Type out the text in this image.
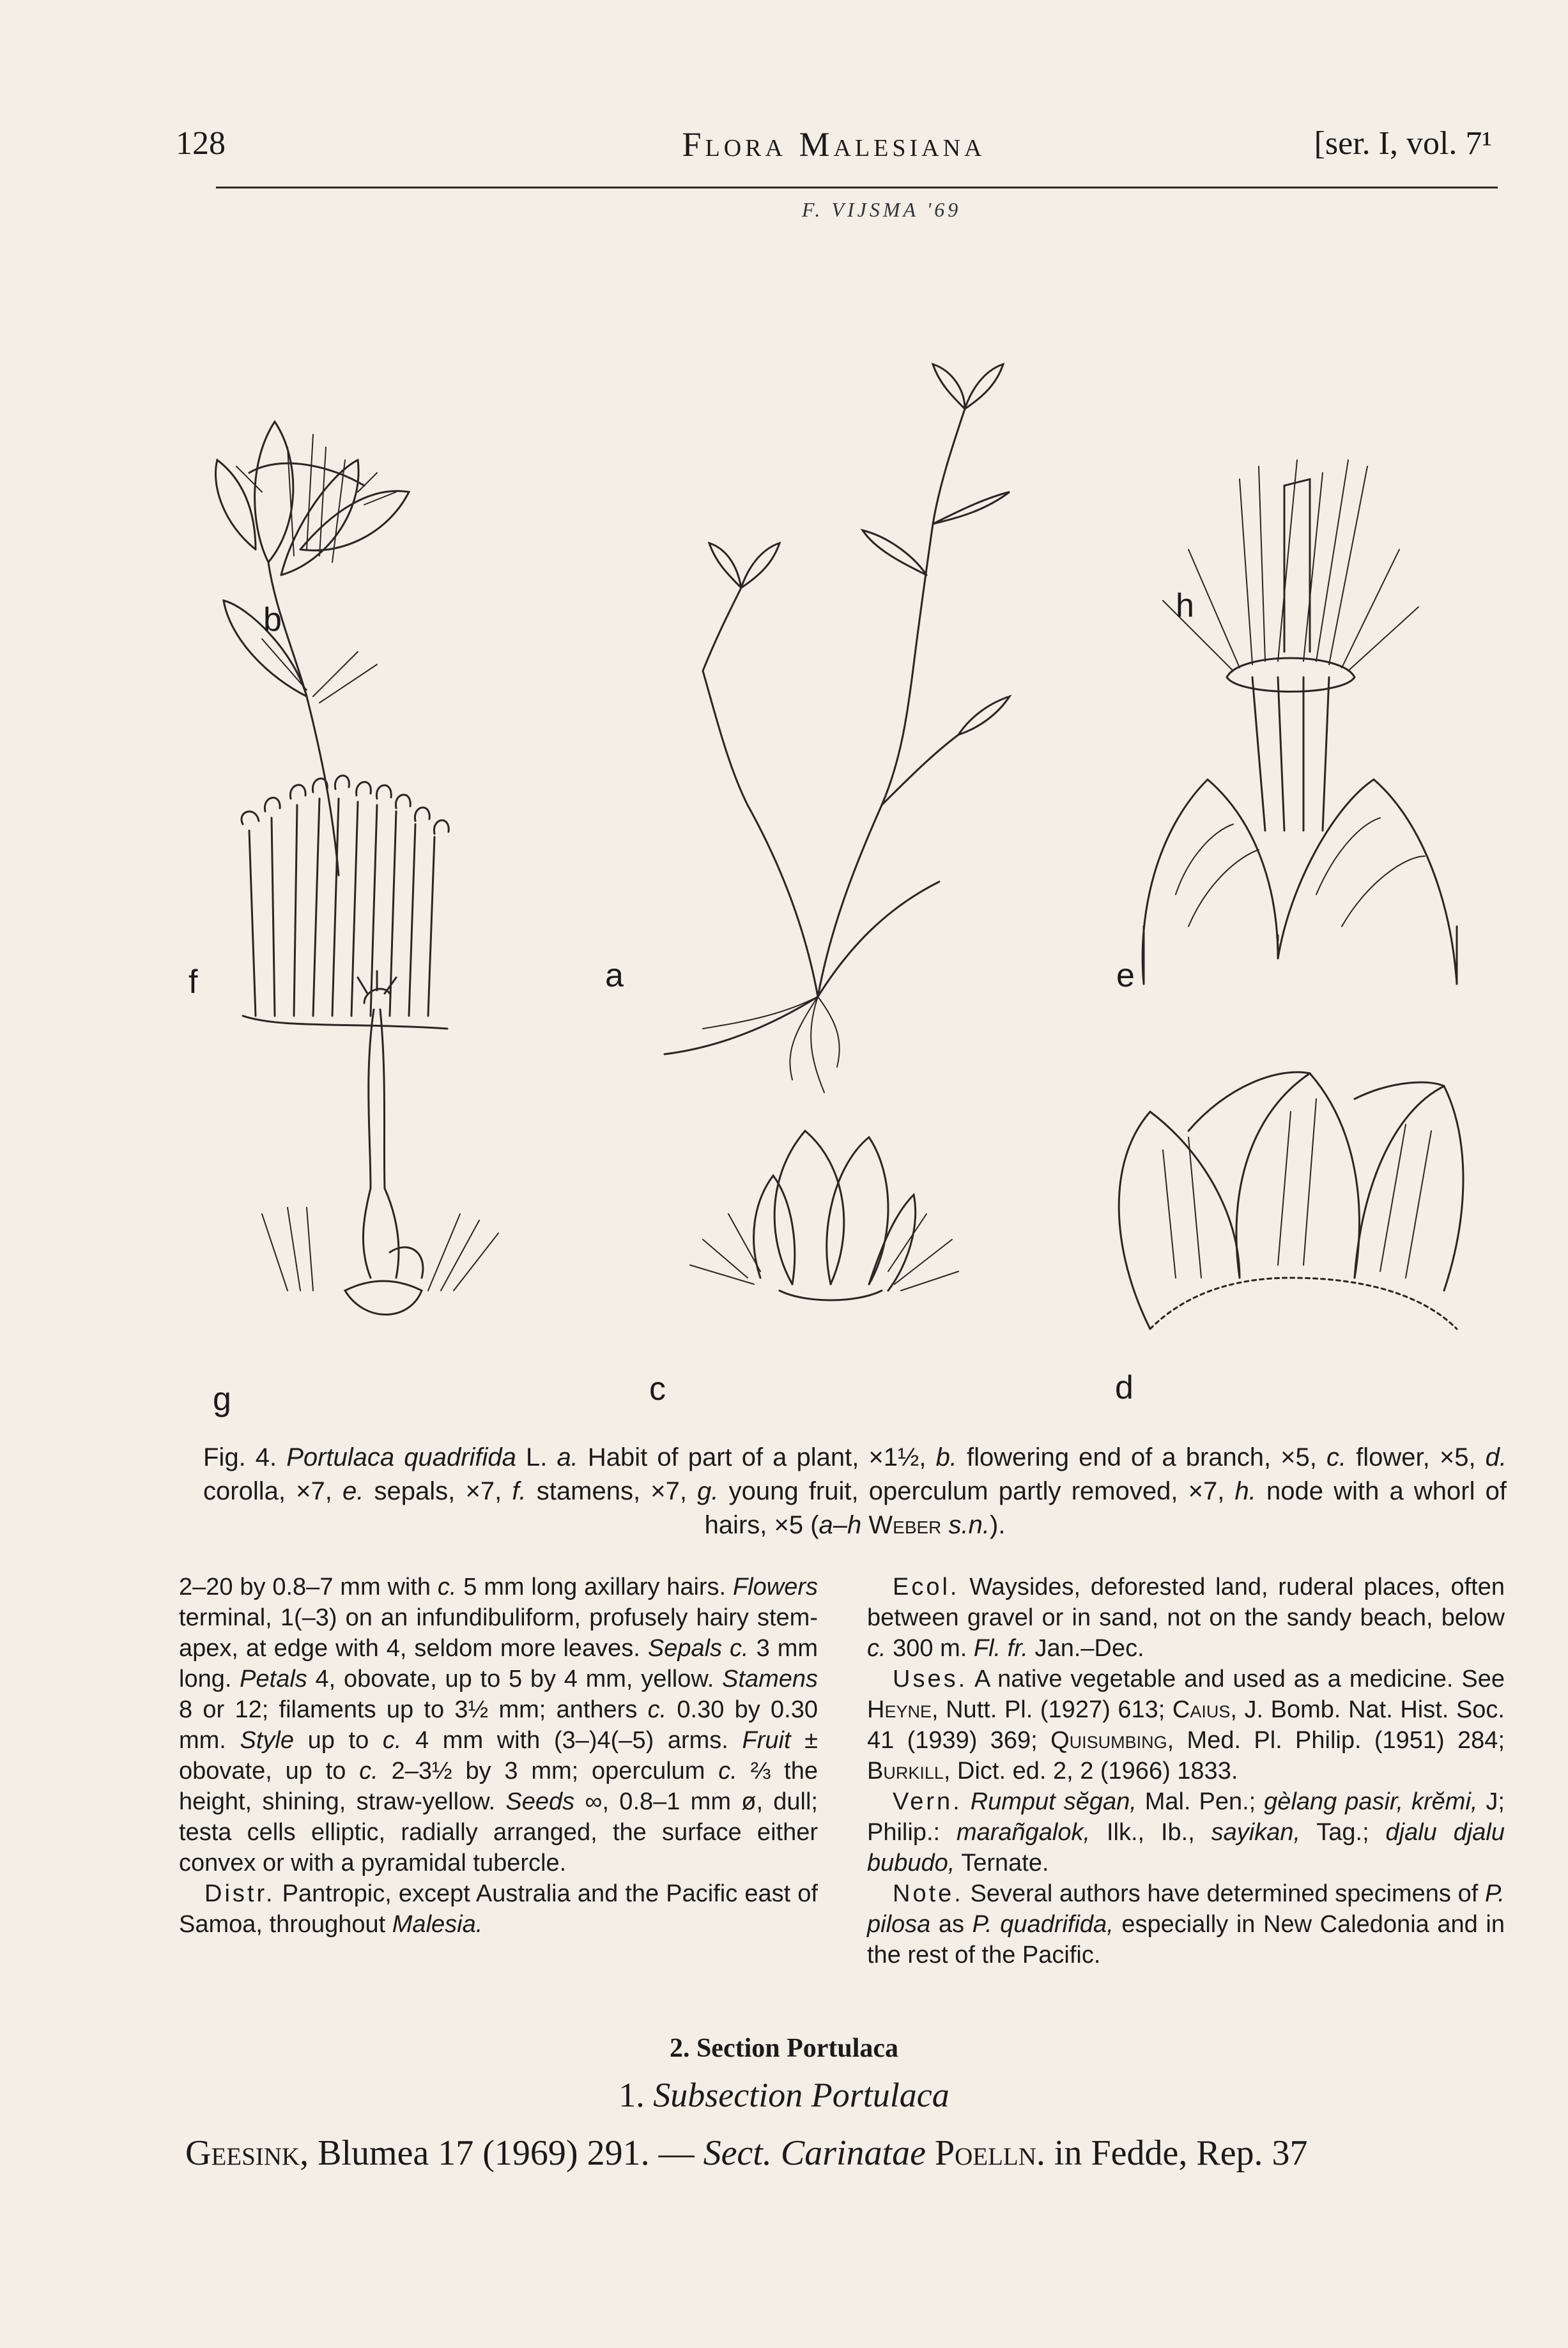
128	Flora Malesiana	[ser. I, vol. 7¹
F. VIJSMA '69
b	h
f	a	e
g	c	d
Fig. 4. Portulaca quadrifida L. a. Habit of part of a plant, ×1½, b. flowering end of a branch, ×5, c. flower, ×5, d. corolla, ×7, e. sepals, ×7, f. stamens, ×7, g. young fruit, operculum partly removed, ×7, h. node with a whorl of hairs, ×5 (a–h Weber s.n.).

2–20 by 0.8–7 mm with c. 5 mm long axillary hairs. Flowers terminal, 1(–3) on an infundibuliform, profusely hairy stem-apex, at edge with 4, seldom more leaves. Sepals c. 3 mm long. Petals 4, obovate, up to 5 by 4 mm, yellow. Stamens 8 or 12; filaments up to 3½ mm; anthers c. 0.30 by 0.30 mm. Style up to c. 4 mm with (3–)4(–5) arms. Fruit ± obovate, up to c. 2–3½ by 3 mm; operculum c. ⅔ the height, shining, straw-yellow. Seeds ∞, 0.8–1 mm ø, dull; testa cells elliptic, radially arranged, the surface either convex or with a pyramidal tubercle.

Distr. Pantropic, except Australia and the Pacific east of Samoa, throughout Malesia.

Ecol. Waysides, deforested land, ruderal places, often between gravel or in sand, not on the sandy beach, below c. 300 m. Fl. fr. Jan.–Dec.

Uses. A native vegetable and used as a medicine. See Heyne, Nutt. Pl. (1927) 613; Caius, J. Bomb. Nat. Hist. Soc. 41 (1939) 369; Quisumbing, Med. Pl. Philip. (1951) 284; Burkill, Dict. ed. 2, 2 (1966) 1833.

Vern. Rumput sĕgan, Mal. Pen.; gèlang pasir, krĕmi, J; Philip.: marañgalok, Ilk., Ib., sayikan, Tag.; djalu djalu bubudo, Ternate.

Note. Several authors have determined specimens of P. pilosa as P. quadrifida, especially in New Caledonia and in the rest of the Pacific.

2. Section Portulaca
1. Subsection Portulaca
Geesink, Blumea 17 (1969) 291. — Sect. Carinatae Poelln. in Fedde, Rep. 37
